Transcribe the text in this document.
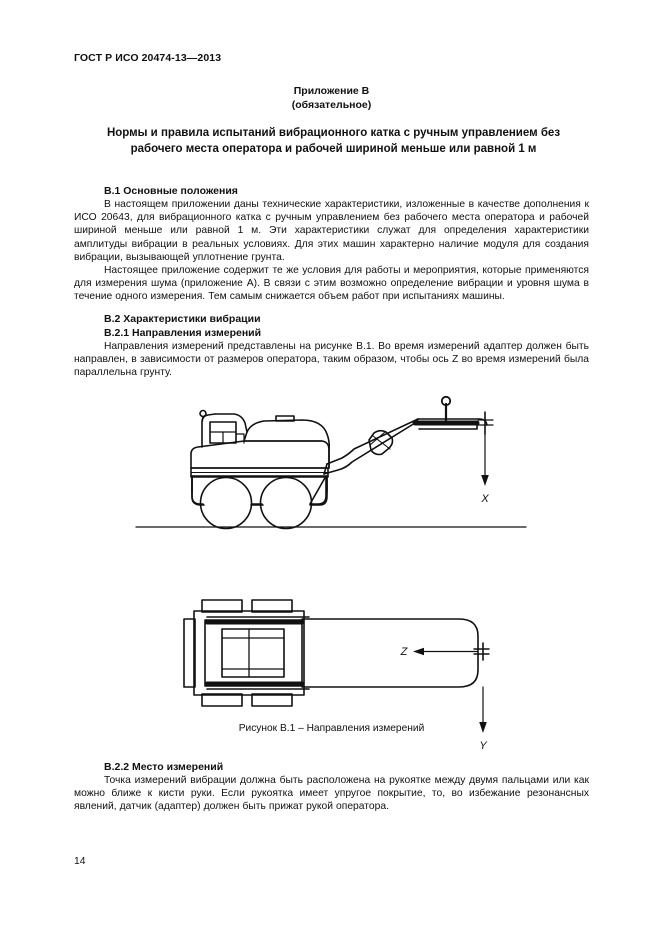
ГОСТ Р ИСО 20474-13—2013
Приложение В
(обязательное)
Нормы и правила испытаний вибрационного катка с ручным управлением без рабочего места оператора и рабочей шириной меньше или равной 1 м
В.1 Основные положения

В настоящем приложении даны технические характеристики, изложенные в качестве дополнения к ИСО 20643, для вибрационного катка с ручным управлением без рабочего места оператора и рабочей шириной меньше или равной 1 м. Эти характеристики служат для определения характеристики амплитуды вибрации в реальных условиях. Для этих машин характерно наличие модуля для создания вибрации, вызывающей уплотнение грунта.

Настоящее приложение содержит те же условия для работы и мероприятия, которые применяются для измерения шума (приложение А). В связи с этим возможно определение вибрации и уровня шума в течение одного измерения. Тем самым снижается объем работ при испытаниях машины.

В.2 Характеристики вибрации
В.2.1 Направления измерений

Направления измерений представлены на рисунке В.1. Во время измерений адаптер должен быть направлен, в зависимости от размеров оператора, таким образом, чтобы ось Z во время измерений была параллельна грунту.

X
Z
Y
Рисунок В.1 – Направления измерений
В.2.2 Место измерений

Точка измерений вибрации должна быть расположена на рукоятке между двумя пальцами или как можно ближе к кисти руки. Если рукоятка имеет упругое покрытие, то, во избежание резонансных явлений, датчик (адаптер) должен быть прижат рукой оператора.

14
